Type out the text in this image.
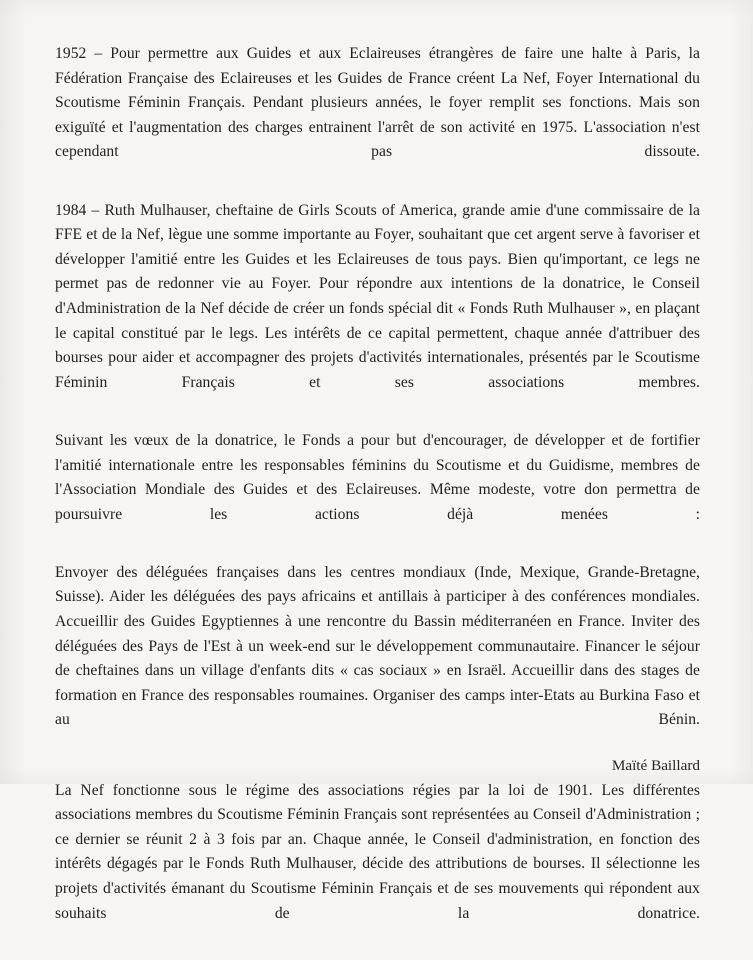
1952 – Pour permettre aux Guides et aux Eclaireuses étrangères de faire une halte à Paris, la Fédération Française des Eclaireuses et les Guides de France créent La Nef, Foyer International du Scoutisme Féminin Français. Pendant plusieurs années, le foyer remplit ses fonctions. Mais son exiguïté et l'augmentation des charges entrainent l'arrêt de son activité en 1975. L'association n'est cependant pas dissoute.

1984 – Ruth Mulhauser, cheftaine de Girls Scouts of America, grande amie d'une commissaire de la FFE et de la Nef, lègue une somme importante au Foyer, souhaitant que cet argent serve à favoriser et développer l'amitié entre les Guides et les Eclaireuses de tous pays. Bien qu'important, ce legs ne permet pas de redonner vie au Foyer. Pour répondre aux intentions de la donatrice, le Conseil d'Administration de la Nef décide de créer un fonds spécial dit « Fonds Ruth Mulhauser », en plaçant le capital constitué par le legs. Les intérêts de ce capital permettent, chaque année d'attribuer des bourses pour aider et accompagner des projets d'activités internationales, présentés par le Scoutisme Féminin Français et ses associations membres.

Suivant les vœux de la donatrice, le Fonds a pour but d'encourager, de développer et de fortifier l'amitié internationale entre les responsables féminins du Scoutisme et du Guidisme, membres de l'Association Mondiale des Guides et des Eclaireuses. Même modeste, votre don permettra de poursuivre les actions déjà menées :

Envoyer des déléguées françaises dans les centres mondiaux (Inde, Mexique, Grande-Bretagne, Suisse). Aider les déléguées des pays africains et antillais à participer à des conférences mondiales. Accueillir des Guides Egyptiennes à une rencontre du Bassin méditerranéen en France. Inviter des déléguées des Pays de l'Est à un week-end sur le développement communautaire. Financer le séjour de cheftaines dans un village d'enfants dits « cas sociaux » en Israël. Accueillir dans des stages de formation en France des responsables roumaines. Organiser des camps inter-Etats au Burkina Faso et au Bénin.

La Nef fonctionne sous le régime des associations régies par la loi de 1901. Les différentes associations membres du Scoutisme Féminin Français sont représentées au Conseil d'Administration ; ce dernier se réunit 2 à 3 fois par an. Chaque année, le Conseil d'administration, en fonction des intérêts dégagés par le Fonds Ruth Mulhauser, décide des attributions de bourses. Il sélectionne les projets d'activités émanant du Scoutisme Féminin Français et de ses mouvements qui répondent aux souhaits de la donatrice.

Maïté Baillard
